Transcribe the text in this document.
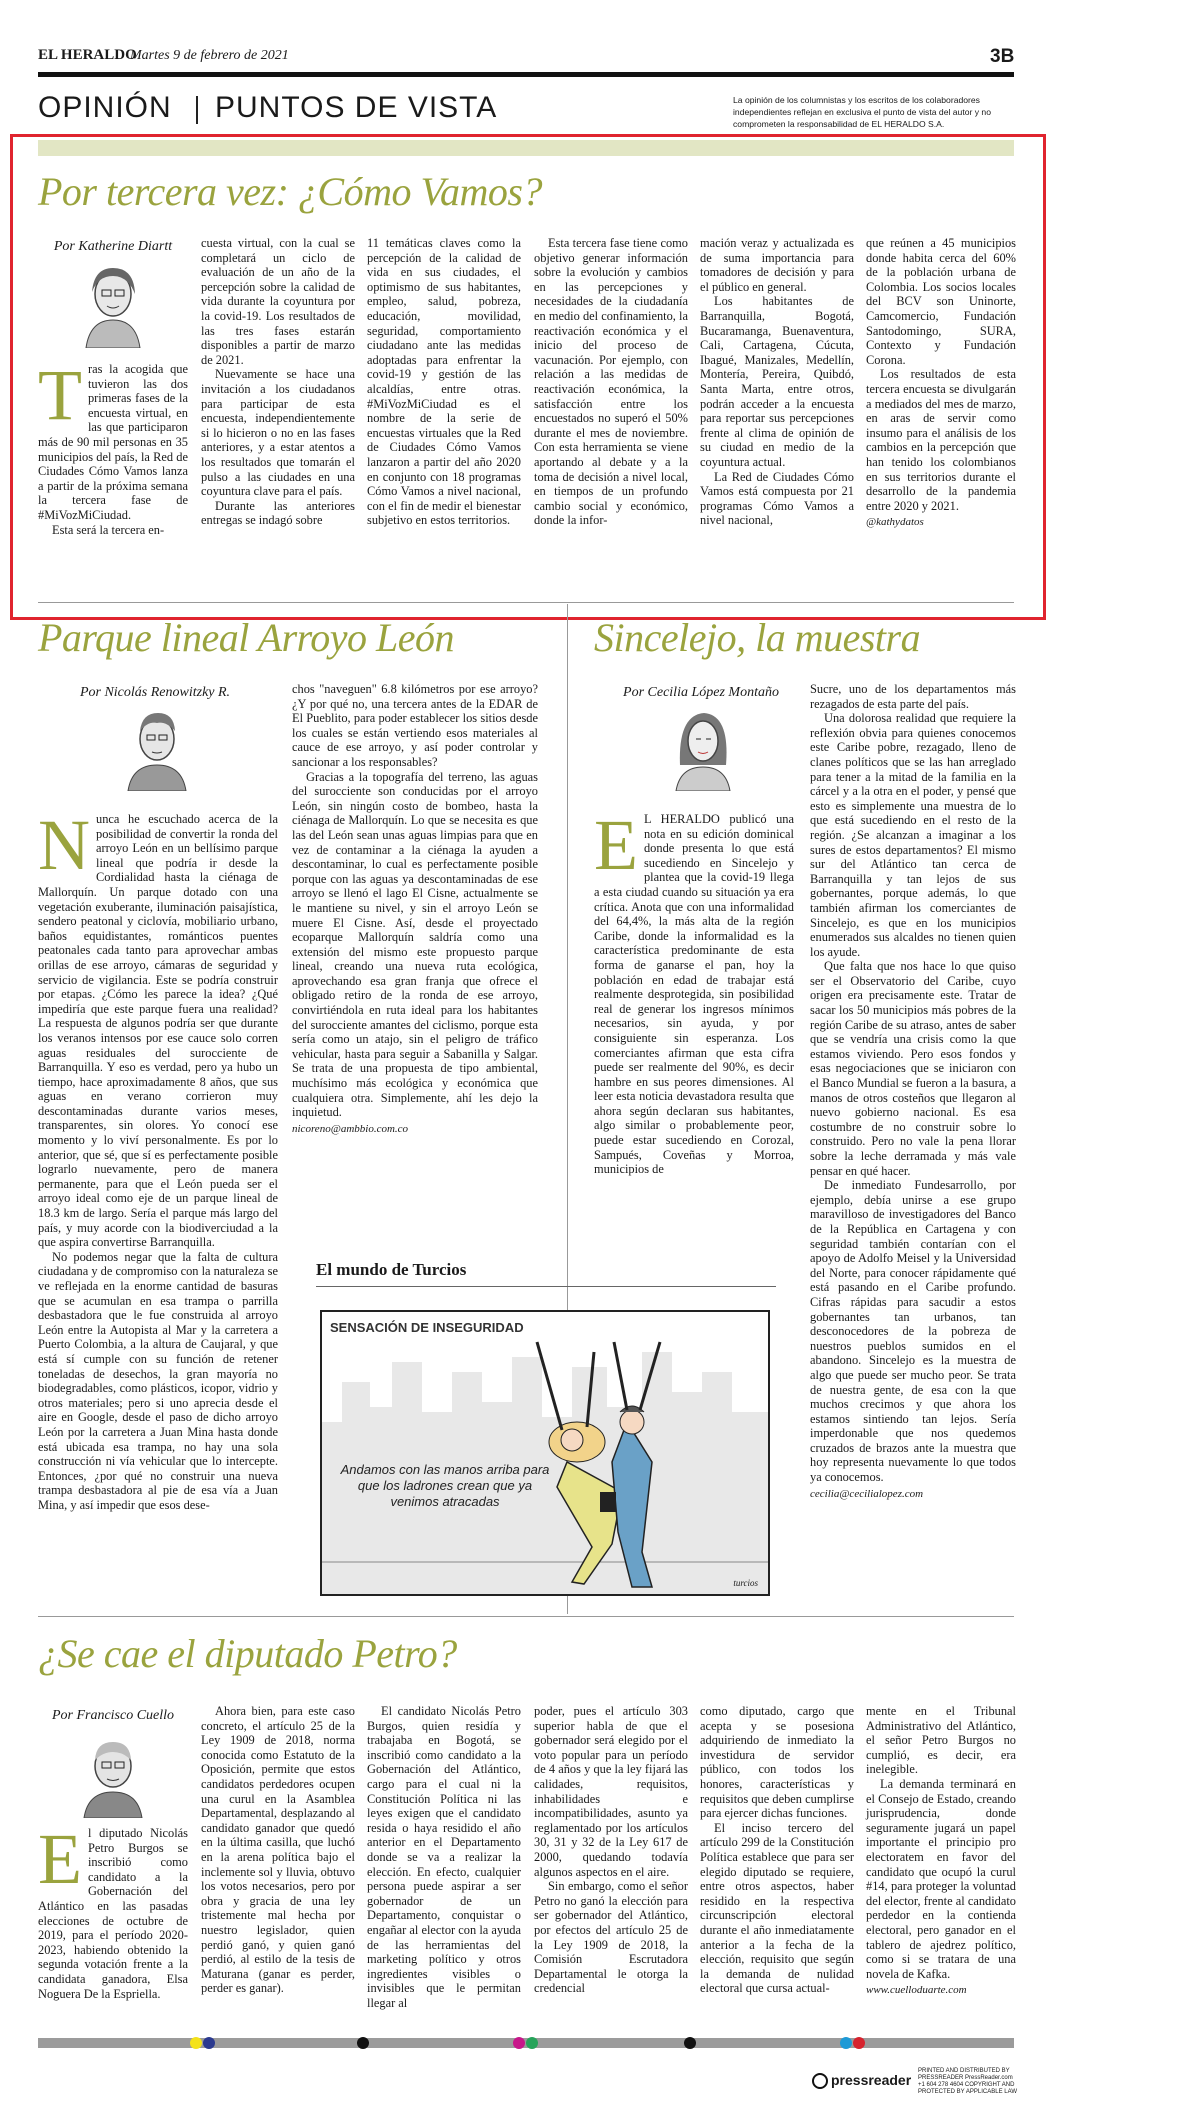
EL HERALDO
Martes 9 de febrero de 2021	3B
OPINIÓN PUNTOS DE VISTA	La opinión de los columnistas y los escritos de los colaboradores independientes reflejan en exclusiva el punto de vista del autor y no comprometen la responsabilidad de EL HERALDO S.A.
Por tercera vez: ¿Cómo Vamos?
Por Katherine Diartt
T ras la acogida que tuvieron las dos primeras fases de la encuesta virtual, en las que participaron más de 90 mil personas en 35 municipios del país, la Red de Ciudades Cómo Vamos lanza a partir de la próxima semana la tercera fase de #MiVozMiCiudad.

Esta será la tercera en-

cuesta virtual, con la cual se completará un ciclo de evaluación de un año de la percepción sobre la calidad de vida durante la coyuntura por la covid-19. Los resultados de las tres fases estarán disponibles a partir de marzo de 2021.

Nuevamente se hace una invitación a los ciudadanos para participar de esta encuesta, independientemente si lo hicieron o no en las fases anteriores, y a estar atentos a los resultados que tomarán el pulso a las ciudades en una coyuntura clave para el país.

Durante las anteriores entregas se indagó sobre

11 temáticas claves como la percepción de la calidad de vida en sus ciudades, el optimismo de sus habitantes, empleo, salud, pobreza, educación, movilidad, seguridad, comportamiento ciudadano ante las medidas adoptadas para enfrentar la covid-19 y gestión de las alcaldías, entre otras. #MiVozMiCiudad es el nombre de la serie de encuestas virtuales que la Red de Ciudades Cómo Vamos lanzaron a partir del año 2020 en conjunto con 18 programas Cómo Vamos a nivel nacional, con el fin de medir el bienestar subjetivo en estos territorios.

Esta tercera fase tiene como objetivo generar información sobre la evolución y cambios en las percepciones y necesidades de la ciudadanía en medio del confinamiento, la reactivación económica y el inicio del proceso de vacunación. Por ejemplo, con relación a las medidas de reactivación económica, la satisfacción entre los encuestados no superó el 50% durante el mes de noviembre. Con esta herramienta se viene aportando al debate y a la toma de decisión a nivel local, en tiempos de un profundo cambio social y económico, donde la infor-

mación veraz y actualizada es de suma importancia para tomadores de decisión y para el público en general.

Los habitantes de Barranquilla, Bogotá, Bucaramanga, Buenaventura, Cali, Cartagena, Cúcuta, Ibagué, Manizales, Medellín, Montería, Pereira, Quibdó, Santa Marta, entre otros, podrán acceder a la encuesta para reportar sus percepciones frente al clima de opinión de su ciudad en medio de la coyuntura actual.

La Red de Ciudades Cómo Vamos está compuesta por 21 programas Cómo Vamos a nivel nacional,

que reúnen a 45 municipios donde habita cerca del 60% de la población urbana de Colombia. Los socios locales del BCV son Uninorte, Camcomercio, Fundación Santodomingo, SURA, Contexto y Fundación Corona.

Los resultados de esta tercera encuesta se divulgarán a mediados del mes de marzo, en aras de servir como insumo para el análisis de los cambios en la percepción que han tenido los colombianos en sus territorios durante el desarrollo de la pandemia entre 2020 y 2021.

@kathydatos
Parque lineal Arroyo León
Por Nicolás Renowitzky R.
N unca he escuchado acerca de la posibilidad de convertir la ronda del arroyo León en un bellísimo parque lineal que podría ir desde la Cordialidad hasta la ciénaga de Mallorquín. Un parque dotado con una vegetación exuberante, iluminación paisajística, sendero peatonal y ciclovía, mobiliario urbano, baños equidistantes, románticos puentes peatonales cada tanto para aprovechar ambas orillas de ese arroyo, cámaras de seguridad y servicio de vigilancia. Este se podría construir por etapas. ¿Cómo les parece la idea? ¿Qué impediría que este parque fuera una realidad? La respuesta de algunos podría ser que durante los veranos intensos por ese cauce solo corren aguas residuales del surocciente de Barranquilla. Y eso es verdad, pero ya hubo un tiempo, hace aproximadamente 8 años, que sus aguas en verano corrieron muy descontaminadas durante varios meses, transparentes, sin olores. Yo conocí ese momento y lo viví personalmente. Es por lo anterior, que sé, que sí es perfectamente posible lograrlo nuevamente, pero de manera permanente, para que el León pueda ser el arroyo ideal como eje de un parque lineal de 18.3 km de largo. Sería el parque más largo del país, y muy acorde con la biodiverciudad a la que aspira convertirse Barranquilla.

No podemos negar que la falta de cultura ciudadana y de compromiso con la naturaleza se ve reflejada en la enorme cantidad de basuras que se acumulan en esa trampa o parrilla desbastadora que le fue construida al arroyo León entre la Autopista al Mar y la carretera a Puerto Colombia, a la altura de Caujaral, y que está sí cumple con su función de retener toneladas de desechos, la gran mayoría no biodegradables, como plásticos, icopor, vidrio y otros materiales; pero si uno aprecia desde el aire en Google, desde el paso de dicho arroyo León por la carretera a Juan Mina hasta donde está ubicada esa trampa, no hay una sola construcción ni vía vehicular que lo intercepte. Entonces, ¿por qué no construir una nueva trampa desbastadora al pie de esa vía a Juan Mina, y así impedir que esos dese-

chos "naveguen" 6.8 kilómetros por ese arroyo? ¿Y por qué no, una tercera antes de la EDAR de El Pueblito, para poder establecer los sitios desde los cuales se están vertiendo esos materiales al cauce de ese arroyo, y así poder controlar y sancionar a los responsables?

Gracias a la topografía del terreno, las aguas del surocciente son conducidas por el arroyo León, sin ningún costo de bombeo, hasta la ciénaga de Mallorquín. Lo que se necesita es que las del León sean unas aguas limpias para que en vez de contaminar a la ciénaga la ayuden a descontaminar, lo cual es perfectamente posible porque con las aguas ya descontaminadas de ese arroyo se llenó el lago El Cisne, actualmente se le mantiene su nivel, y sin el arroyo León se muere El Cisne. Así, desde el proyectado ecoparque Mallorquín saldría como una extensión del mismo este propuesto parque lineal, creando una nueva ruta ecológica, aprovechando esa gran franja que ofrece el obligado retiro de la ronda de ese arroyo, convirtiéndola en ruta ideal para los habitantes del surocciente amantes del ciclismo, porque esta sería como un atajo, sin el peligro de tráfico vehicular, hasta para seguir a Sabanilla y Salgar. Se trata de una propuesta de tipo ambiental, muchísimo más ecológica y económica que cualquiera otra. Simplemente, ahí les dejo la inquietud.

nicoreno@ambbio.com.co
El mundo de Turcios
SENSACIÓN DE INSEGURIDAD
Andamos con las manos arriba para que los ladrones crean que ya venimos atracadas
turcios
Sincelejo, la muestra
Por Cecilia López Montaño
E L HERALDO publicó una nota en su edición dominical donde presenta lo que está sucediendo en Sincelejo y plantea que la covid-19 llega a esta ciudad cuando su situación ya era crítica. Anota que con una informalidad del 64,4%, la más alta de la región Caribe, donde la informalidad es la característica predominante de esta forma de ganarse el pan, hoy la población en edad de trabajar está realmente desprotegida, sin posibilidad real de generar los ingresos mínimos necesarios, sin ayuda, y por consiguiente sin esperanza. Los comerciantes afirman que esta cifra puede ser realmente del 90%, es decir hambre en sus peores dimensiones. Al leer esta noticia devastadora resulta que ahora según declaran sus habitantes, algo similar o probablemente peor, puede estar sucediendo en Corozal, Sampués, Coveñas y Morroa, municipios de

Sucre, uno de los departamentos más rezagados de esta parte del país.

Una dolorosa realidad que requiere la reflexión obvia para quienes conocemos este Caribe pobre, rezagado, lleno de clanes políticos que se las han arreglado para tener a la mitad de la familia en la cárcel y a la otra en el poder, y pensé que esto es simplemente una muestra de lo que está sucediendo en el resto de la región. ¿Se alcanzan a imaginar a los sures de estos departamentos? El mismo sur del Atlántico tan cerca de Barranquilla y tan lejos de sus gobernantes, porque además, lo que también afirman los comerciantes de Sincelejo, es que en los municipios enumerados sus alcaldes no tienen quien los ayude.

Que falta que nos hace lo que quiso ser el Observatorio del Caribe, cuyo origen era precisamente este. Tratar de sacar los 50 municipios más pobres de la región Caribe de su atraso, antes de saber que se vendría una crisis como la que estamos viviendo. Pero esos fondos y esas negociaciones que se iniciaron con el Banco Mundial se fueron a la basura, a manos de otros costeños que llegaron al nuevo gobierno nacional. Es esa costumbre de no construir sobre lo construido. Pero no vale la pena llorar sobre la leche derramada y más vale pensar en qué hacer.

De inmediato Fundesarrollo, por ejemplo, debía unirse a ese grupo maravilloso de investigadores del Banco de la República en Cartagena y con seguridad también contarían con el apoyo de Adolfo Meisel y la Universidad del Norte, para conocer rápidamente qué está pasando en el Caribe profundo. Cifras rápidas para sacudir a estos gobernantes tan urbanos, tan desconocedores de la pobreza de nuestros pueblos sumidos en el abandono. Sincelejo es la muestra de algo que puede ser mucho peor. Se trata de nuestra gente, de esa con la que muchos crecimos y que ahora los estamos sintiendo tan lejos. Sería imperdonable que nos quedemos cruzados de brazos ante la muestra que hoy representa nuevamente lo que todos ya conocemos.

cecilia@cecilialopez.com
¿Se cae el diputado Petro?
Por Francisco Cuello
E l diputado Nicolás Petro Burgos se inscribió como candidato a la Gobernación del Atlántico en las pasadas elecciones de octubre de 2019, para el período 2020- 2023, habiendo obtenido la segunda votación frente a la candidata ganadora, Elsa Noguera De la Espriella.

Ahora bien, para este caso concreto, el artículo 25 de la Ley 1909 de 2018, norma conocida como Estatuto de la Oposición, permite que estos candidatos perdedores ocupen una curul en la Asamblea Departamental, desplazando al candidato ganador que quedó en la última casilla, que luchó en la arena política bajo el inclemente sol y lluvia, obtuvo los votos necesarios, pero por obra y gracia de una ley tristemente mal hecha por nuestro legislador, quien perdió ganó, y quien ganó perdió, al estilo de la tesis de Maturana (ganar es perder, perder es ganar).

El candidato Nicolás Petro Burgos, quien residía y trabajaba en Bogotá, se inscribió como candidato a la Gobernación del Atlántico, cargo para el cual ni la Constitución Política ni las leyes exigen que el candidato resida o haya residido el año anterior en el Departamento donde se va a realizar la elección. En efecto, cualquier persona puede aspirar a ser gobernador de un Departamento, conquistar o engañar al elector con la ayuda de las herramientas del marketing político y otros ingredientes visibles o invisibles que le permitan llegar al

poder, pues el artículo 303 superior habla de que el gobernador será elegido por el voto popular para un período de 4 años y que la ley fijará las calidades, requisitos, inhabilidades e incompatibilidades, asunto ya reglamentado por los artículos 30, 31 y 32 de la Ley 617 de 2000, quedando todavía algunos aspectos en el aire.

Sin embargo, como el señor Petro no ganó la elección para ser gobernador del Atlántico, por efectos del artículo 25 de la Ley 1909 de 2018, la Comisión Escrutadora Departamental le otorga la credencial

como diputado, cargo que acepta y se posesiona adquiriendo de inmediato la investidura de servidor público, con todos los honores, características y requisitos que deben cumplirse para ejercer dichas funciones.

El inciso tercero del artículo 299 de la Constitución Política establece que para ser elegido diputado se requiere, entre otros aspectos, haber residido en la respectiva circunscripción electoral durante el año inmediatamente anterior a la fecha de la elección, requisito que según la demanda de nulidad electoral que cursa actual-

mente en el Tribunal Administrativo del Atlántico, el señor Petro Burgos no cumplió, es decir, era inelegible.

La demanda terminará en el Consejo de Estado, creando jurisprudencia, donde seguramente jugará un papel importante el principio pro electoratem en favor del candidato que ocupó la curul #14, para proteger la voluntad del elector, frente al candidato perdedor en la contienda electoral, pero ganador en el tablero de ajedrez político, como si se tratara de una novela de Kafka.

www.cuelloduarte.com
pressreader
PRINTED AND DISTRIBUTED BY PRESSREADER PressReader.com +1 604 278 4604 COPYRIGHT AND PROTECTED BY APPLICABLE LAW
